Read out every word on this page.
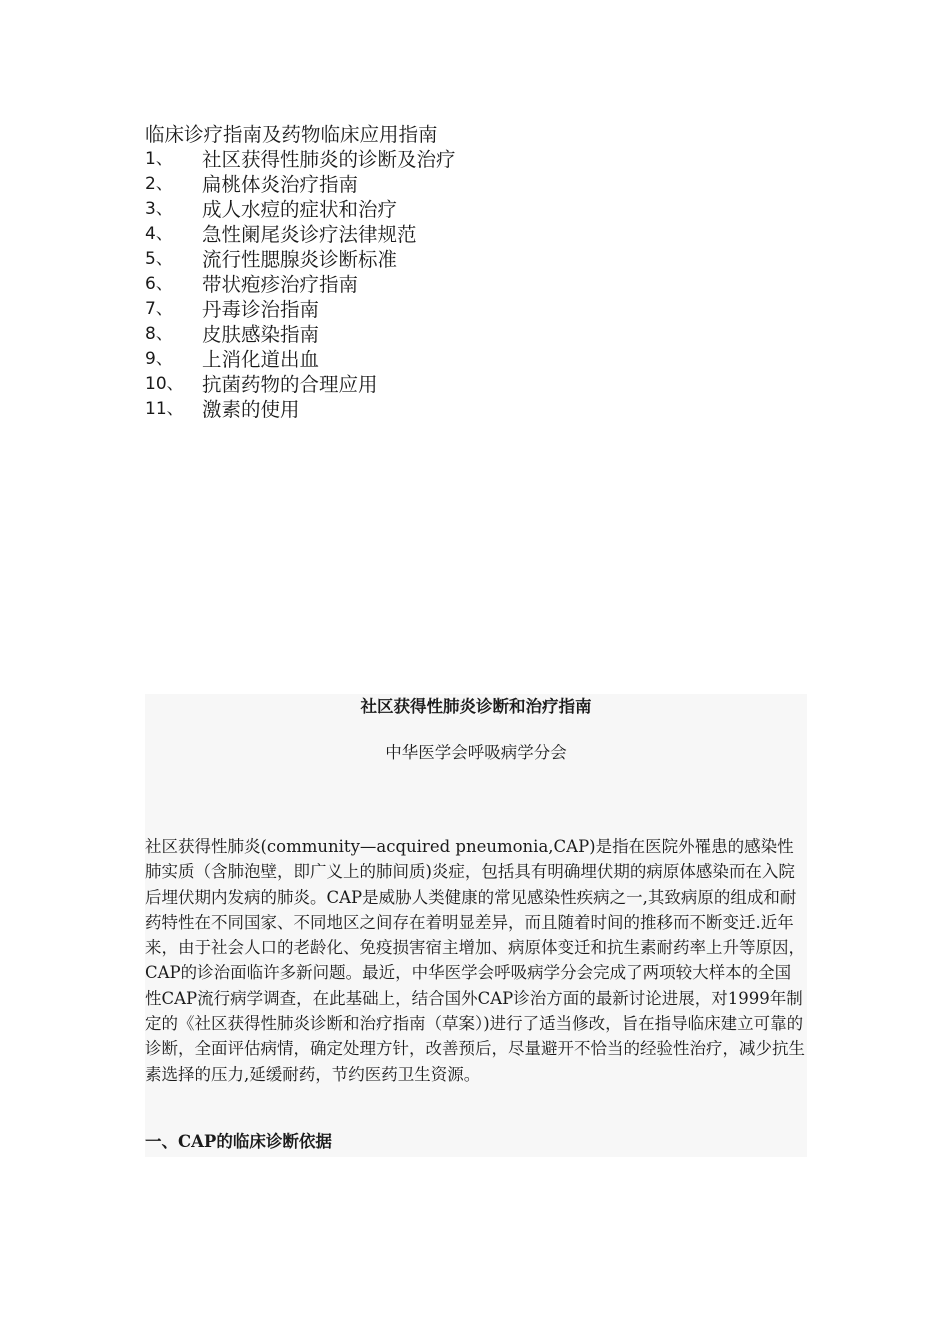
临床诊疗指南及药物临床应用指南
1、	社区获得性肺炎的诊断及治疗
2、	扁桃体炎治疗指南
3、	成人水痘的症状和治疗
4、	急性阑尾炎诊疗法律规范
5、	流行性腮腺炎诊断标准
6、	带状疱疹治疗指南
7、	丹毒诊治指南
8、	皮肤感染指南
9、	上消化道出血
10、 抗菌药物的合理应用
11、 激素的使用
社区获得性肺炎诊断和治疗指南
中华医学会呼吸病学分会

社区获得性肺炎(community—acquired pneumonia,CAP)是指在医院外罹患的感染性肺实质（含肺泡壁，即广义上的肺间质)炎症，包括具有明确埋伏期的病原体感染而在入院后埋伏期内发病的肺炎。CAP是威胁人类健康的常见感染性疾病之一,其致病原的组成和耐药特性在不同国家、不同地区之间存在着明显差异，而且随着时间的推移而不断变迁.近年来，由于社会人口的老龄化、免疫损害宿主增加、病原体变迁和抗生素耐药率上升等原因，CAP的诊治面临许多新问题。最近，中华医学会呼吸病学分会完成了两项较大样本的全国性CAP流行病学调查，在此基础上，结合国外CAP诊治方面的最新讨论进展，对1999年制定的《社区获得性肺炎诊断和治疗指南（草案）)进行了适当修改，旨在指导临床建立可靠的诊断，全面评估病情，确定处理方针，改善预后，尽量避开不恰当的经验性治疗，减少抗生素选择的压力,延缓耐药，节约医药卫生资源。

一、CAP的临床诊断依据
